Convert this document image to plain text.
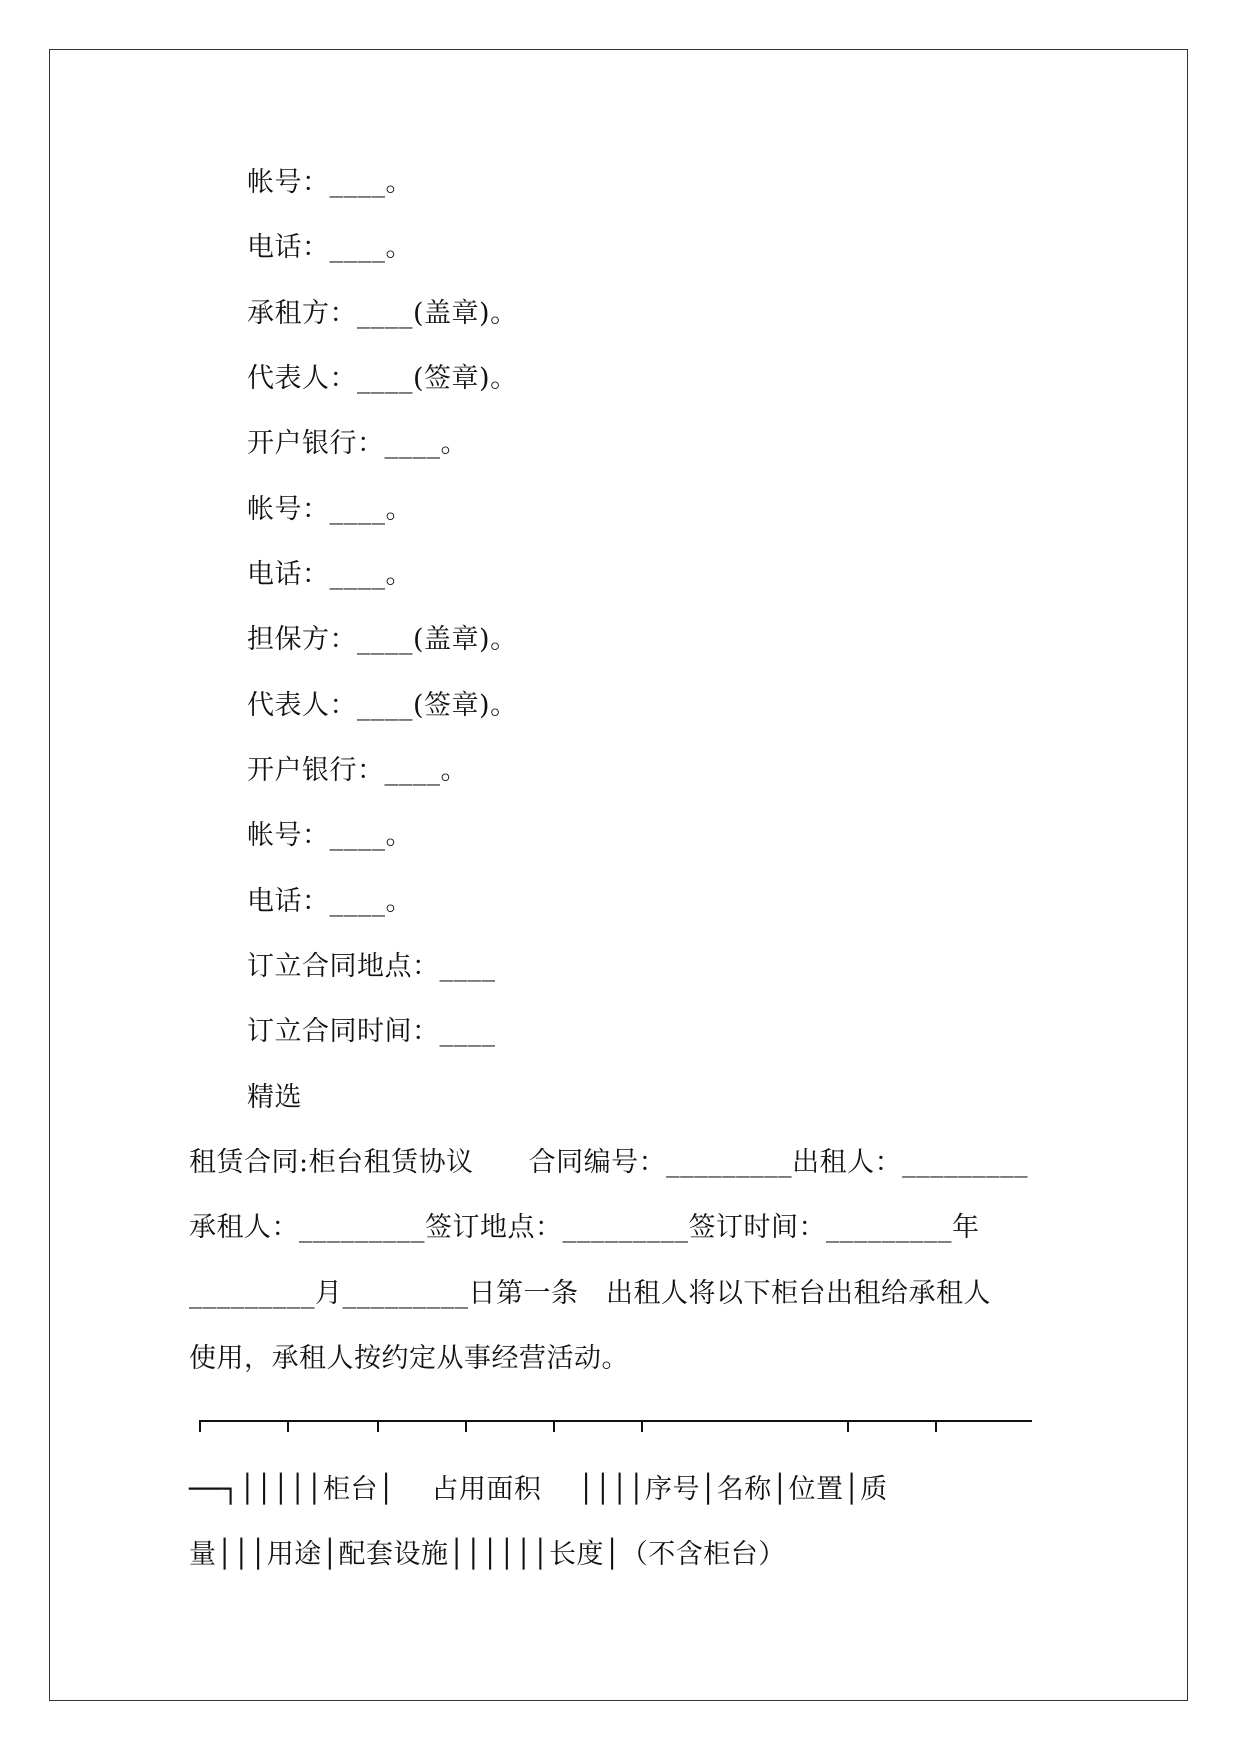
帐号：____。
电话：____。
承租方：____(盖章)。
代表人：____(签章)。
开户银行：____。
帐号：____。
电话：____。
担保方：____(盖章)。
代表人：____(签章)。
开户银行：____。
帐号：____。
电话：____。
订立合同地点：____
订立合同时间：____
精选
租赁合同:柜台租赁协议　　合同编号：_________出租人：_________
承租人：_________签订地点：_________签订时间：_________年
_________月_________日第一条　出租人将以下柜台出租给承租人
使用，承租人按约定从事经营活动。
──┐│││││柜台│　 占用面积　 ││││序号│名称│位置│质
量│││用途│配套设施││││││长度│（不含柜台）
